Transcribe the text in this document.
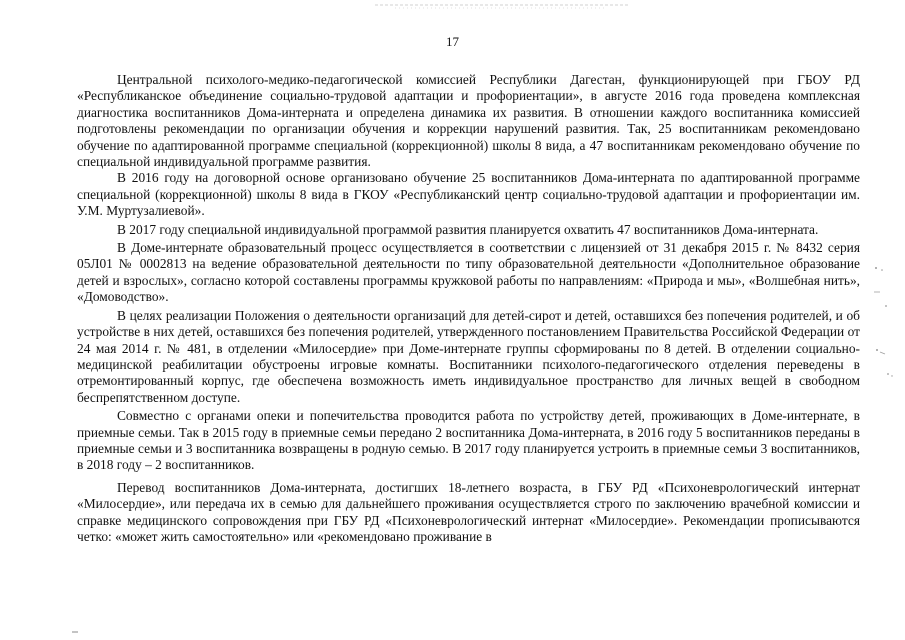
17

Центральной психолого-медико-педагогической комиссией Республики Дагестан, функционирующей при ГБОУ РД «Республиканское объединение социально-трудовой адаптации и профориентации», в августе 2016 года проведена комплексная диагностика воспитанников Дома-интерната и определена динамика их развития. В отношении каждого воспитанника комиссией подготовлены рекомендации по организации обучения и коррекции нарушений развития. Так, 25 воспитанникам рекомендовано обучение по адаптированной программе специальной (коррекционной) школы 8 вида, а 47 воспитанникам рекомендовано обучение по специальной индивидуальной программе развития.

В 2016 году на договорной основе организовано обучение 25 воспитанников Дома-интерната по адаптированной программе специальной (коррекционной) школы 8 вида в ГКОУ «Республиканский центр социально-трудовой адаптации и профориентации им. У.М. Муртузалиевой».

В 2017 году специальной индивидуальной программой развития планируется охватить 47 воспитанников Дома-интерната.

В Доме-интернате образовательный процесс осуществляется в соответствии с лицензией от 31 декабря 2015 г. № 8432 серия 05Л01 № 0002813 на ведение образовательной деятельности по типу образовательной деятельности «Дополнительное образование детей и взрослых», согласно которой составлены программы кружковой работы по направлениям: «Природа и мы», «Волшебная нить», «Домоводство».

В целях реализации Положения о деятельности организаций для детей-сирот и детей, оставшихся без попечения родителей, и об устройстве в них детей, оставшихся без попечения родителей, утвержденного постановлением Правительства Российской Федерации от 24 мая 2014 г. № 481, в отделении «Милосердие» при Доме-интернате группы сформированы по 8 детей. В отделении социально-медицинской реабилитации обустроены игровые комнаты. Воспитанники психолого-педагогического отделения переведены в отремонтированный корпус, где обеспечена возможность иметь индивидуальное пространство для личных вещей в свободном беспрепятственном доступе.

Совместно с органами опеки и попечительства проводится работа по устройству детей, проживающих в Доме-интернате, в приемные семьи. Так в 2015 году в приемные семьи передано 2 воспитанника Дома-интерната, в 2016 году 5 воспитанников переданы в приемные семьи и 3 воспитанника возвращены в родную семью. В 2017 году планируется устроить в приемные семьи 3 воспитанников, в 2018 году – 2 воспитанников.

Перевод воспитанников Дома-интерната, достигших 18-летнего возраста, в ГБУ РД «Психоневрологический интернат «Милосердие», или передача их в семью для дальнейшего проживания осуществляется строго по заключению врачебной комиссии и справке медицинского сопровождения при ГБУ РД «Психоневрологический интернат «Милосердие». Рекомендации прописываются четко: «может жить самостоятельно» или «рекомендовано проживание в
